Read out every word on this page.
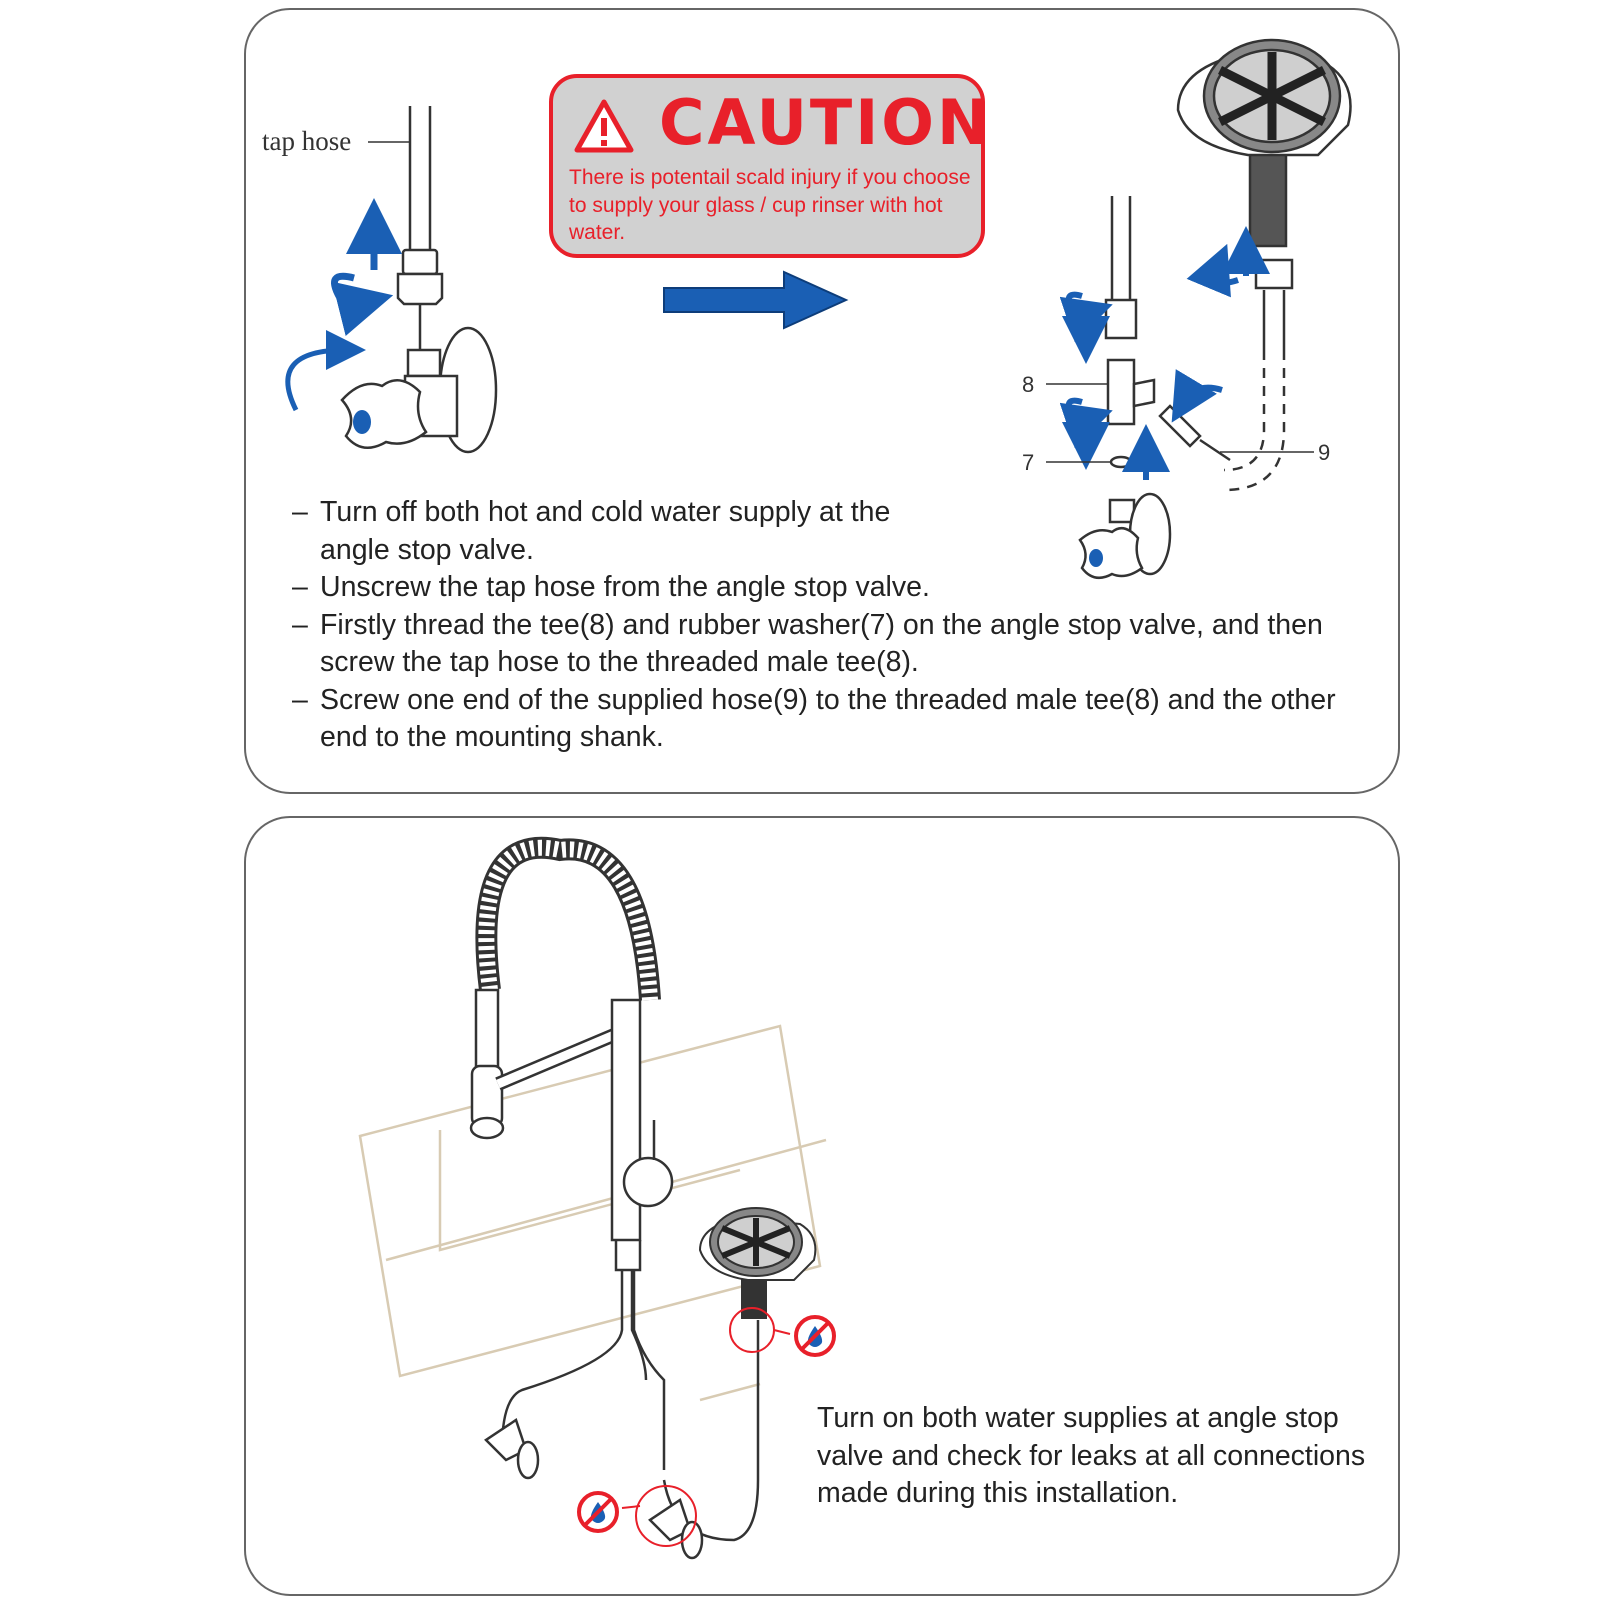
tap hose
8
7	9
CAUTION
There is potentail scald injury if you choose to supply your glass / cup rinser with hot water.
– Turn off both hot and cold water supply at the angle stop valve.
– Unscrew the tap hose from the angle stop valve.
– Firstly thread the tee(8) and rubber washer(7) on the angle stop valve, and then screw the tap hose to the threaded male tee(8).
– Screw one end of the supplied hose(9) to the threaded male tee(8) and the other end to the mounting shank.
Turn on both water supplies at angle stop valve and check for leaks at all connections made during this installation.
